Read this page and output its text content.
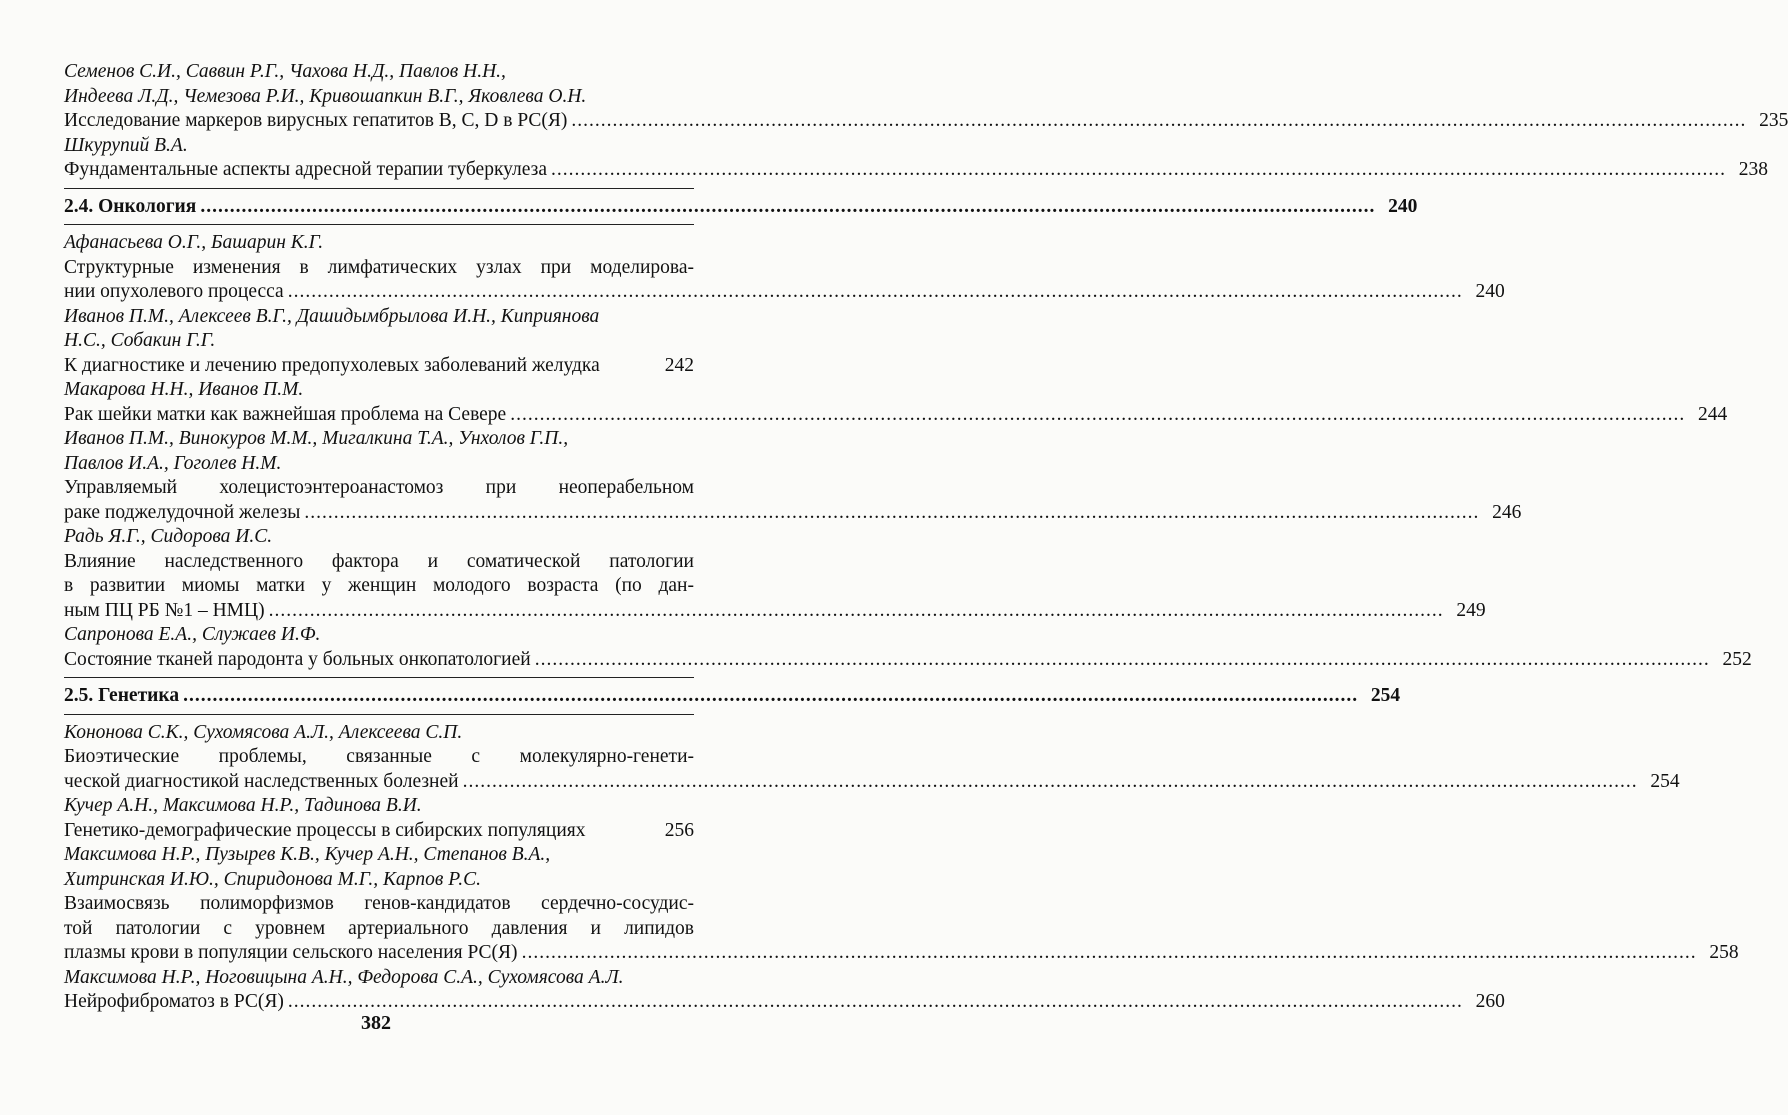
Семенов С.И., Саввин Р.Г., Чахова Н.Д., Павлов Н.Н.,
Индеева Л.Д., Чемезова Р.И., Кривошапкин В.Г., Яковлева О.Н.
Исследование маркеров вирусных гепатитов В, С, D в РС(Я) ........................................................................................................................................................................................................ 235
Шкурупий В.А.
Фундаментальные аспекты адресной терапии туберкулеза ........................................................................................................................................................................................................ 238
2.4. Онкология ........................................................................................................................................................................................................ 240
Афанасьева О.Г., Башарин К.Г.
Структурные изменения в лимфатических узлах при моделирова-
нии опухолевого процесса ........................................................................................................................................................................................................ 240
Иванов П.М., Алексеев В.Г., Дашидымбрылова И.Н., Киприянова
Н.С., Собакин Г.Г.
К диагностике и лечению предопухолевых заболеваний желудка	242
Макарова Н.Н., Иванов П.М.
Рак шейки матки как важнейшая проблема на Севере ........................................................................................................................................................................................................ 244
Иванов П.М., Винокуров М.М., Мигалкина Т.А., Унхолов Г.П.,
Павлов И.А., Гоголев Н.М.
Управляемый холецистоэнтероанастомоз при неоперабельном
раке поджелудочной железы ........................................................................................................................................................................................................ 246
Радь Я.Г., Сидорова И.С.
Влияние наследственного фактора и соматической патологии
в развитии миомы матки у женщин молодого возраста (по дан-
ным ПЦ РБ №1 – НМЦ) ........................................................................................................................................................................................................ 249
Сапронова Е.А., Служаев И.Ф.
Состояние тканей пародонта у больных онкопатологией ........................................................................................................................................................................................................ 252
2.5. Генетика ........................................................................................................................................................................................................ 254
Кононова С.К., Сухомясова А.Л., Алексеева С.П.
Биоэтические проблемы, связанные с молекулярно-генети-
ческой диагностикой наследственных болезней ........................................................................................................................................................................................................ 254
Кучер А.Н., Максимова Н.Р., Тадинова В.И.
Генетико-демографические процессы в сибирских популяциях	256
Максимова Н.Р., Пузырев К.В., Кучер А.Н., Степанов В.А.,
Хитринская И.Ю., Спиридонова М.Г., Карпов Р.С.
Взаимосвязь полиморфизмов генов-кандидатов сердечно-сосудис-
той патологии с уровнем артериального давления и липидов
плазмы крови в популяции сельского населения РС(Я) ........................................................................................................................................................................................................ 258
Максимова Н.Р., Ноговицына А.Н., Федорова С.А., Сухомясова А.Л.
Нейрофиброматоз в РС(Я) ........................................................................................................................................................................................................ 260
382
